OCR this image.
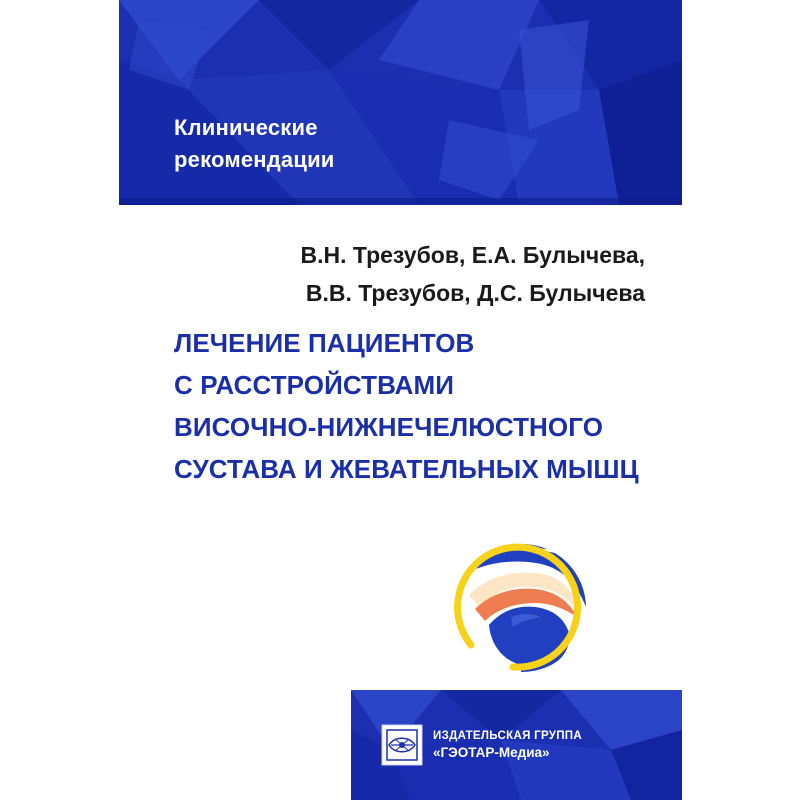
Клинические
рекомендации

В.Н. Трезубов, Е.А. Булычева,
В.В. Трезубов, Д.С. Булычева

ЛЕЧЕНИЕ ПАЦИЕНТОВ
С РАССТРОЙСТВАМИ
ВИСОЧНО-НИЖНЕЧЕЛЮСТНОГО
СУСТАВА И ЖЕВАТЕЛЬНЫХ МЫШЦ
ИЗДАТЕЛЬСКАЯ ГРУППА
«ГЭОТАР-Медиа»
